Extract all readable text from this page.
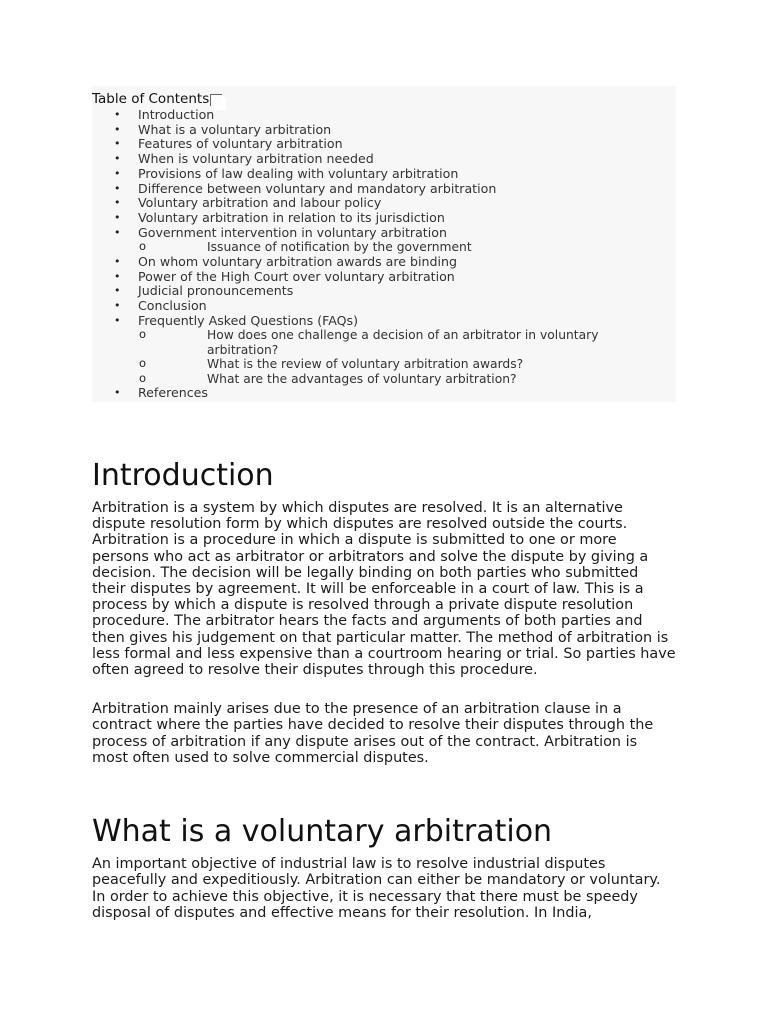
Table of Contents
• Introduction
• What is a voluntary arbitration
• Features of voluntary arbitration
• When is voluntary arbitration needed
• Provisions of law dealing with voluntary arbitration
• Difference between voluntary and mandatory arbitration
• Voluntary arbitration and labour policy
• Voluntary arbitration in relation to its jurisdiction
• Government intervention in voluntary arbitration
o Issuance of notification by the government
• On whom voluntary arbitration awards are binding
• Power of the High Court over voluntary arbitration
• Judicial pronouncements
• Conclusion
• Frequently Asked Questions (FAQs)
o How does one challenge a decision of an arbitrator in voluntary arbitration?
o What is the review of voluntary arbitration awards?
o What are the advantages of voluntary arbitration?
• References
Introduction

Arbitration is a system by which disputes are resolved. It is an alternative dispute resolution form by which disputes are resolved outside the courts. Arbitration is a procedure in which a dispute is submitted to one or more persons who act as arbitrator or arbitrators and solve the dispute by giving a decision. The decision will be legally binding on both parties who submitted their disputes by agreement. It will be enforceable in a court of law. This is a process by which a dispute is resolved through a private dispute resolution procedure. The arbitrator hears the facts and arguments of both parties and then gives his judgement on that particular matter. The method of arbitration is less formal and less expensive than a courtroom hearing or trial. So parties have often agreed to resolve their disputes through this procedure.

Arbitration mainly arises due to the presence of an arbitration clause in a contract where the parties have decided to resolve their disputes through the process of arbitration if any dispute arises out of the contract. Arbitration is most often used to solve commercial disputes.

What is a voluntary arbitration

An important objective of industrial law is to resolve industrial disputes peacefully and expeditiously. Arbitration can either be mandatory or voluntary. In order to achieve this objective, it is necessary that there must be speedy disposal of disputes and effective means for their resolution. In India,
